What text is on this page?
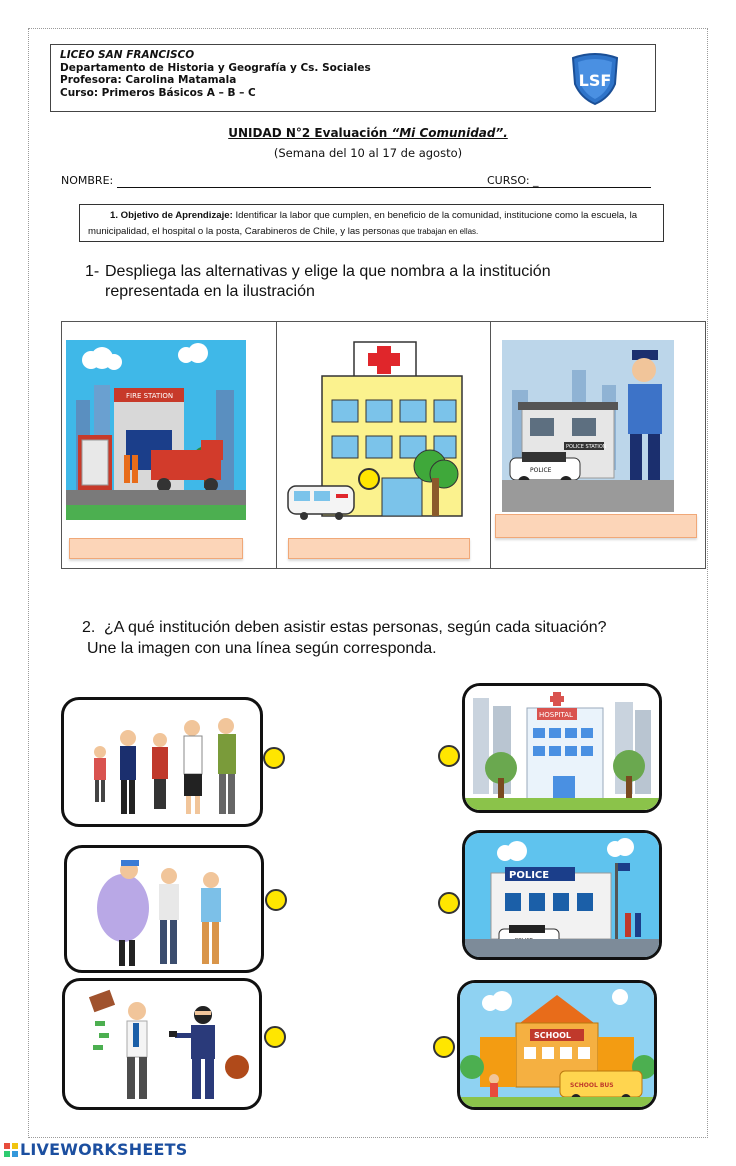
LICEO SAN FRANCISCO
Departamento de Historia y Geografía y Cs. Sociales
Profesora: Carolina Matamala
Curso: Primeros Básicos A – B – C
LSF
UNIDAD N°2 Evaluación “Mi Comunidad”.
(Semana del 10 al 17 de agosto)
NOMBRE:	CURSO: _
1. Objetivo de Aprendizaje: Identificar la labor que cumplen, en beneficio de la comunidad, institucione como la escuela, la municipalidad, el hospital o la posta, Carabineros de Chile, y las personas que trabajan en ellas.
1- Despliega las alternativas y elige la que nombra a la institución representada en la ilustración
FIRE STATION
POLICE STATION
POLICE
2. ¿A qué institución deben asistir estas personas, según cada situación?
Une la imagen con una línea según corresponda.
HOSPITAL
POLICE
SCHOOL
SCHOOL BUS
LIVEWORKSHEETS
